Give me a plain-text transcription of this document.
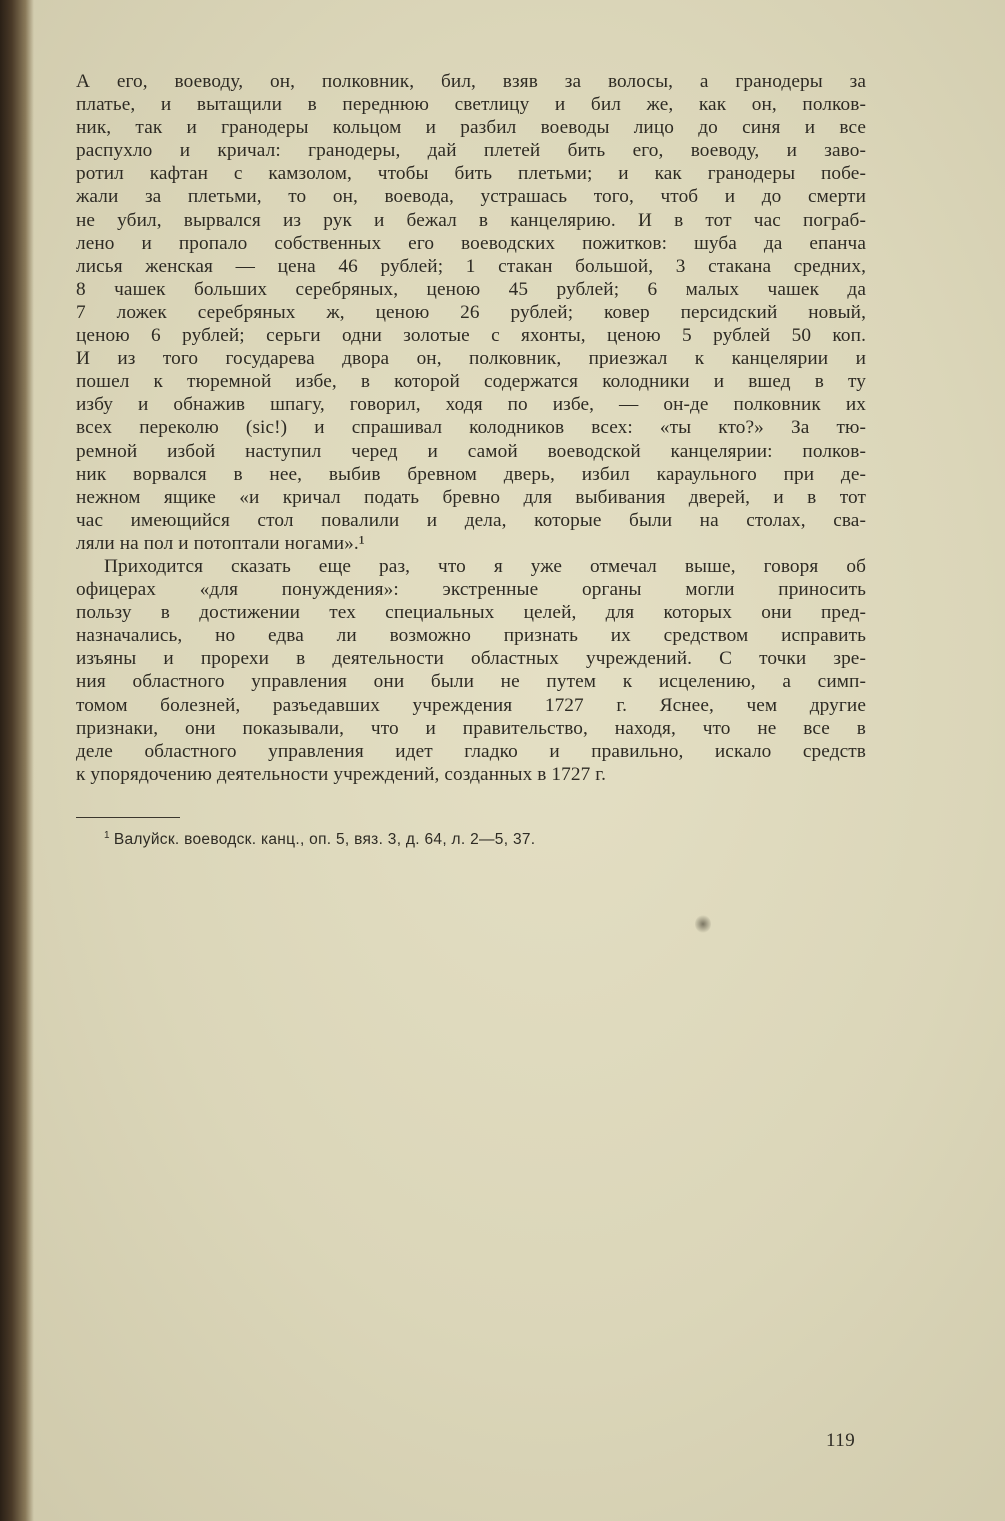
А его, воеводу, он, полковник, бил, взяв за волосы, а гранодеры за
платье, и вытащили в переднюю светлицу и бил же, как он, полков-
ник, так и гранодеры кольцом и разбил воеводы лицо до синя и все
распухло и кричал: гранодеры, дай плетей бить его, воеводу, и заво-
ротил кафтан с камзолом, чтобы бить плетьми; и как гранодеры побе-
жали за плетьми, то он, воевода, устрашась того, чтоб и до смерти
не убил, вырвался из рук и бежал в канцелярию. И в тот час пограб-
лено и пропало собственных его воеводских пожитков: шуба да епанча
лисья женская — цена 46 рублей; 1 стакан большой, 3 стакана средних,
8 чашек больших серебряных, ценою 45 рублей; 6 малых чашек да
7 ложек серебряных ж, ценою 26 рублей; ковер персидский новый,
ценою 6 рублей; серьги одни золотые с яхонты, ценою 5 рублей 50 коп.
И из того государева двора он, полковник, приезжал к канцелярии и
пошел к тюремной избе, в которой содержатся колодники и вшед в ту
избу и обнажив шпагу, говорил, ходя по избе, — он-де полковник их
всех переколю (sic!) и спрашивал колодников всех: «ты кто?» За тю-
ремной избой наступил черед и самой воеводской канцелярии: полков-
ник ворвался в нее, выбив бревном дверь, избил караульного при де-
нежном ящике «и кричал подать бревно для выбивания дверей, и в тот
час имеющийся стол повалили и дела, которые были на столах, сва-
ляли на пол и потоптали ногами».¹
Приходится сказать еще раз, что я уже отмечал выше, говоря об
офицерах «для понуждения»: экстренные органы могли приносить
пользу в достижении тех специальных целей, для которых они пред-
назначались, но едва ли возможно признать их средством исправить
изъяны и прорехи в деятельности областных учреждений. С точки зре-
ния областного управления они были не путем к исцелению, а симп-
томом болезней, разъедавших учреждения 1727 г. Яснее, чем другие
признаки, они показывали, что и правительство, находя, что не все в
деле областного управления идет гладко и правильно, искало средств
к упорядочению деятельности учреждений, созданных в 1727 г.
$^1$ Валуйск. воеводск. канц., оп. 5, вяз. 3, д. 64, л. 2—5, 37.
119
